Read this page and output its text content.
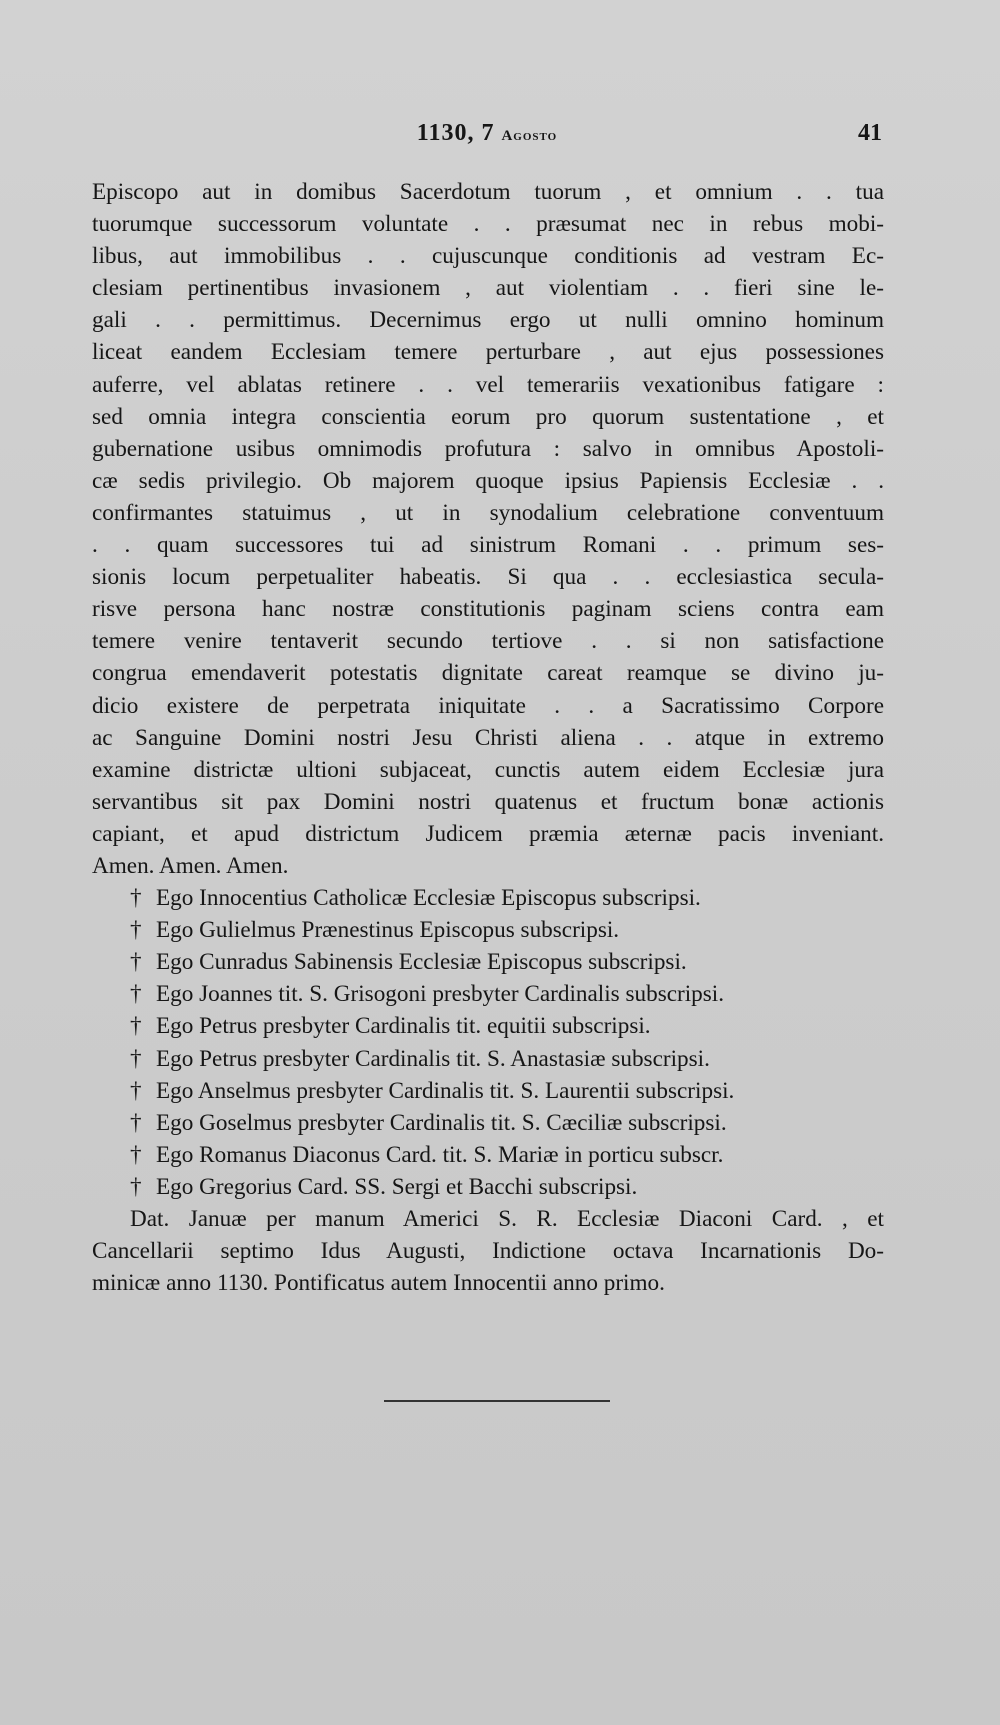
1130, 7 Agosto	41
Episcopo aut in domibus Sacerdotum tuorum , et omnium . . tua
tuorumque successorum voluntate . . præsumat nec in rebus mobi-
libus, aut immobilibus . . cujuscunque conditionis ad vestram Ec-
clesiam pertinentibus invasionem , aut violentiam . . fieri sine le-
gali . . permittimus. Decernimus ergo ut nulli omnino hominum
liceat eandem Ecclesiam temere perturbare , aut ejus possessiones
auferre, vel ablatas retinere . . vel temerariis vexationibus fatigare :
sed omnia integra conscientia eorum pro quorum sustentatione , et
gubernatione usibus omnimodis profutura : salvo in omnibus Apostoli-
cæ sedis privilegio. Ob majorem quoque ipsius Papiensis Ecclesiæ . .
confirmantes statuimus , ut in synodalium celebratione conventuum
. . quam successores tui ad sinistrum Romani . . primum ses-
sionis locum perpetualiter habeatis. Si qua . . ecclesiastica secula-
risve persona hanc nostræ constitutionis paginam sciens contra eam
temere venire tentaverit secundo tertiove . . si non satisfactione
congrua emendaverit potestatis dignitate careat reamque se divino ju-
dicio existere de perpetrata iniquitate . . a Sacratissimo Corpore
ac Sanguine Domini nostri Jesu Christi aliena . . atque in extremo
examine districtæ ultioni subjaceat, cunctis autem eidem Ecclesiæ jura
servantibus sit pax Domini nostri quatenus et fructum bonæ actionis
capiant, et apud districtum Judicem præmia æternæ pacis inveniant.
Amen. Amen. Amen.
† Ego Innocentius Catholicæ Ecclesiæ Episcopus subscripsi.
† Ego Gulielmus Prænestinus Episcopus subscripsi.
† Ego Cunradus Sabinensis Ecclesiæ Episcopus subscripsi.
† Ego Joannes tit. S. Grisogoni presbyter Cardinalis subscripsi.
† Ego Petrus presbyter Cardinalis tit. equitii subscripsi.
† Ego Petrus presbyter Cardinalis tit. S. Anastasiæ subscripsi.
† Ego Anselmus presbyter Cardinalis tit. S. Laurentii subscripsi.
† Ego Goselmus presbyter Cardinalis tit. S. Cæciliæ subscripsi.
† Ego Romanus Diaconus Card. tit. S. Mariæ in porticu subscr.
† Ego Gregorius Card. SS. Sergi et Bacchi subscripsi.
Dat. Januæ per manum Americi S. R. Ecclesiæ Diaconi Card. , et
Cancellarii septimo Idus Augusti, Indictione octava Incarnationis Do-
minicæ anno 1130. Pontificatus autem Innocentii anno primo.
